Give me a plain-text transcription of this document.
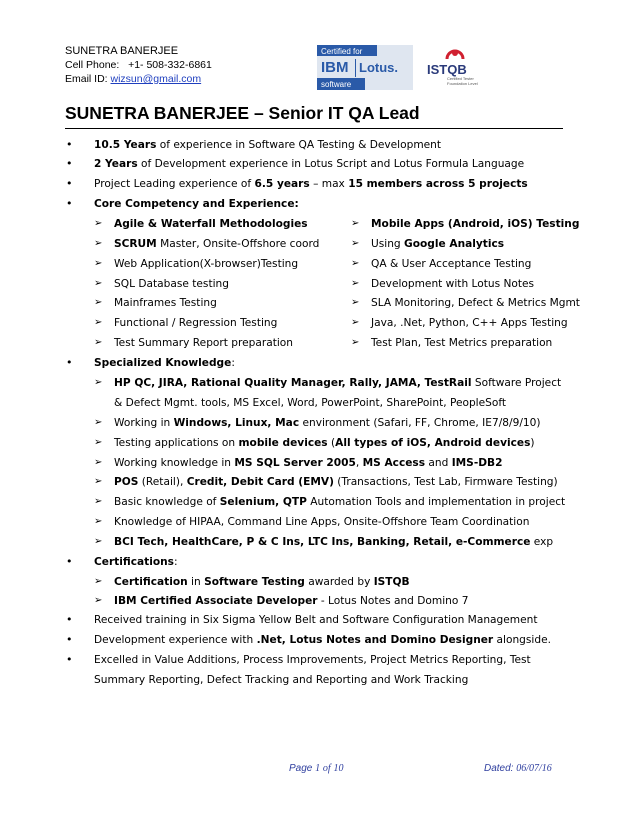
SUNETRA BANERJEE
Cell Phone: +1- 508-332-6861
Email ID: wizsun@gmail.com
Certified for
IBM Lotus.
software
ISTQB
Certified Tester
Foundation Level
SUNETRA BANERJEE – Senior IT QA Lead
• 10.5 Years of experience in Software QA Testing & Development
• 2 Years of Development experience in Lotus Script and Lotus Formula Language
• Project Leading experience of 6.5 years – max 15 members across 5 projects
• Core Competency and Experience:
➢ Agile & Waterfall Methodologies
➢ SCRUM Master, Onsite-Offshore coord
➢ Web Application(X-browser)Testing
➢ SQL Database testing
➢ Mainframes Testing
➢ Functional / Regression Testing
➢ Test Summary Report preparation
➢ Mobile Apps (Android, iOS) Testing
➢ Using Google Analytics
➢ QA & User Acceptance Testing
➢ Development with Lotus Notes
➢ SLA Monitoring, Defect & Metrics Mgmt
➢ Java, .Net, Python, C++ Apps Testing
➢ Test Plan, Test Metrics preparation
• Specialized Knowledge:
➢ HP QC, JIRA, Rational Quality Manager, Rally, JAMA, TestRail Software Project
& Defect Mgmt. tools, MS Excel, Word, PowerPoint, SharePoint, PeopleSoft
➢ Working in Windows, Linux, Mac environment (Safari, FF, Chrome, IE7/8/9/10)
➢ Testing applications on mobile devices (All types of iOS, Android devices)
➢ Working knowledge in MS SQL Server 2005, MS Access and IMS-DB2
➢ POS (Retail), Credit, Debit Card (EMV) (Transactions, Test Lab, Firmware Testing)
➢ Basic knowledge of Selenium, QTP Automation Tools and implementation in project
➢ Knowledge of HIPAA, Command Line Apps, Onsite-Offshore Team Coordination
➢ BCI Tech, HealthCare, P & C Ins, LTC Ins, Banking, Retail, e-Commerce exp
• Certifications:
➢ Certification in Software Testing awarded by ISTQB
➢ IBM Certified Associate Developer - Lotus Notes and Domino 7
• Received training in Six Sigma Yellow Belt and Software Configuration Management
• Development experience with .Net, Lotus Notes and Domino Designer alongside.
• Excelled in Value Additions, Process Improvements, Project Metrics Reporting, Test
Summary Reporting, Defect Tracking and Reporting and Work Tracking
Page 1 of 10	Dated: 06/07/16
